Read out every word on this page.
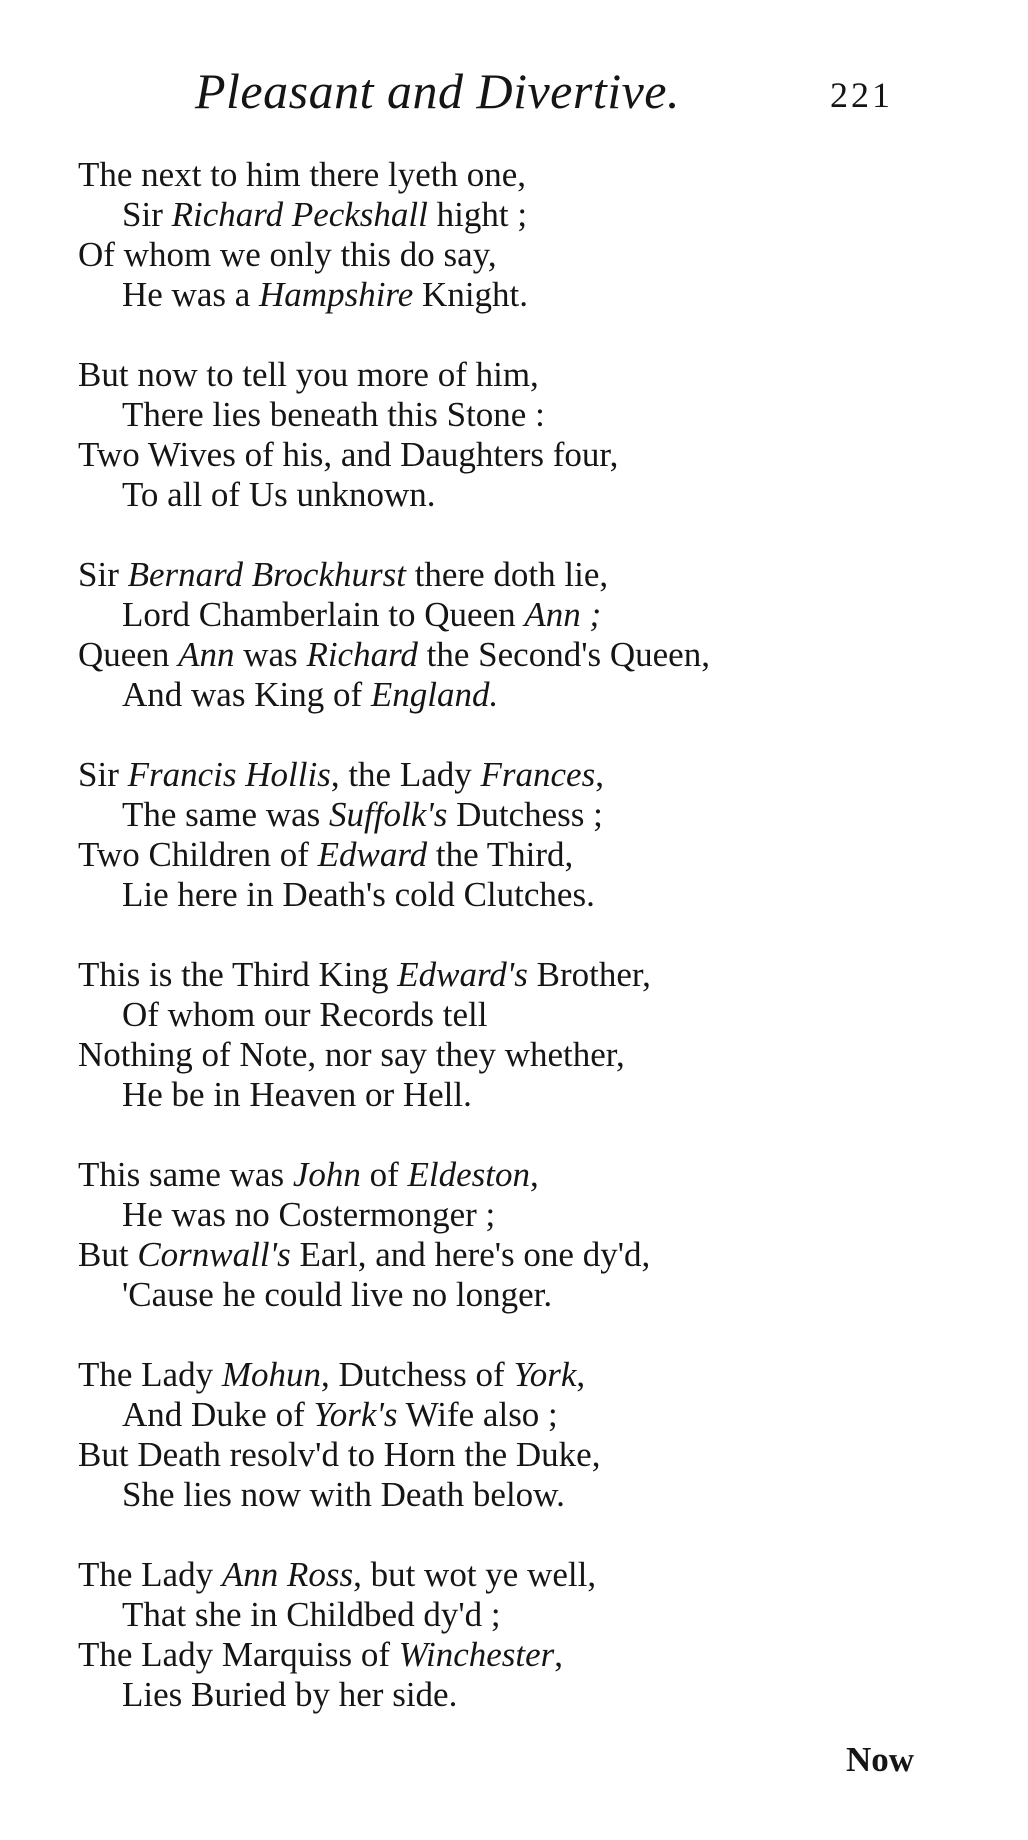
Pleasant and Divertive.	221
The next to him there lyeth one,
Sir Richard Peckshall hight ;
Of whom we only this do say,
He was a Hampshire Knight.
But now to tell you more of him,
There lies beneath this Stone :
Two Wives of his, and Daughters four,
To all of Us unknown.
Sir Bernard Brockhurst there doth lie,
Lord Chamberlain to Queen Ann ;
Queen Ann was Richard the Second's Queen,
And was King of England.
Sir Francis Hollis, the Lady Frances,
The same was Suffolk's Dutchess ;
Two Children of Edward the Third,
Lie here in Death's cold Clutches.
This is the Third King Edward's Brother,
Of whom our Records tell
Nothing of Note, nor say they whether,
He be in Heaven or Hell.
This same was John of Eldeston,
He was no Costermonger ;
But Cornwall's Earl, and here's one dy'd,
'Cause he could live no longer.
The Lady Mohun, Dutchess of York,
And Duke of York's Wife also ;
But Death resolv'd to Horn the Duke,
She lies now with Death below.
The Lady Ann Ross, but wot ye well,
That she in Childbed dy'd ;
The Lady Marquiss of Winchester,
Lies Buried by her side.
Now
